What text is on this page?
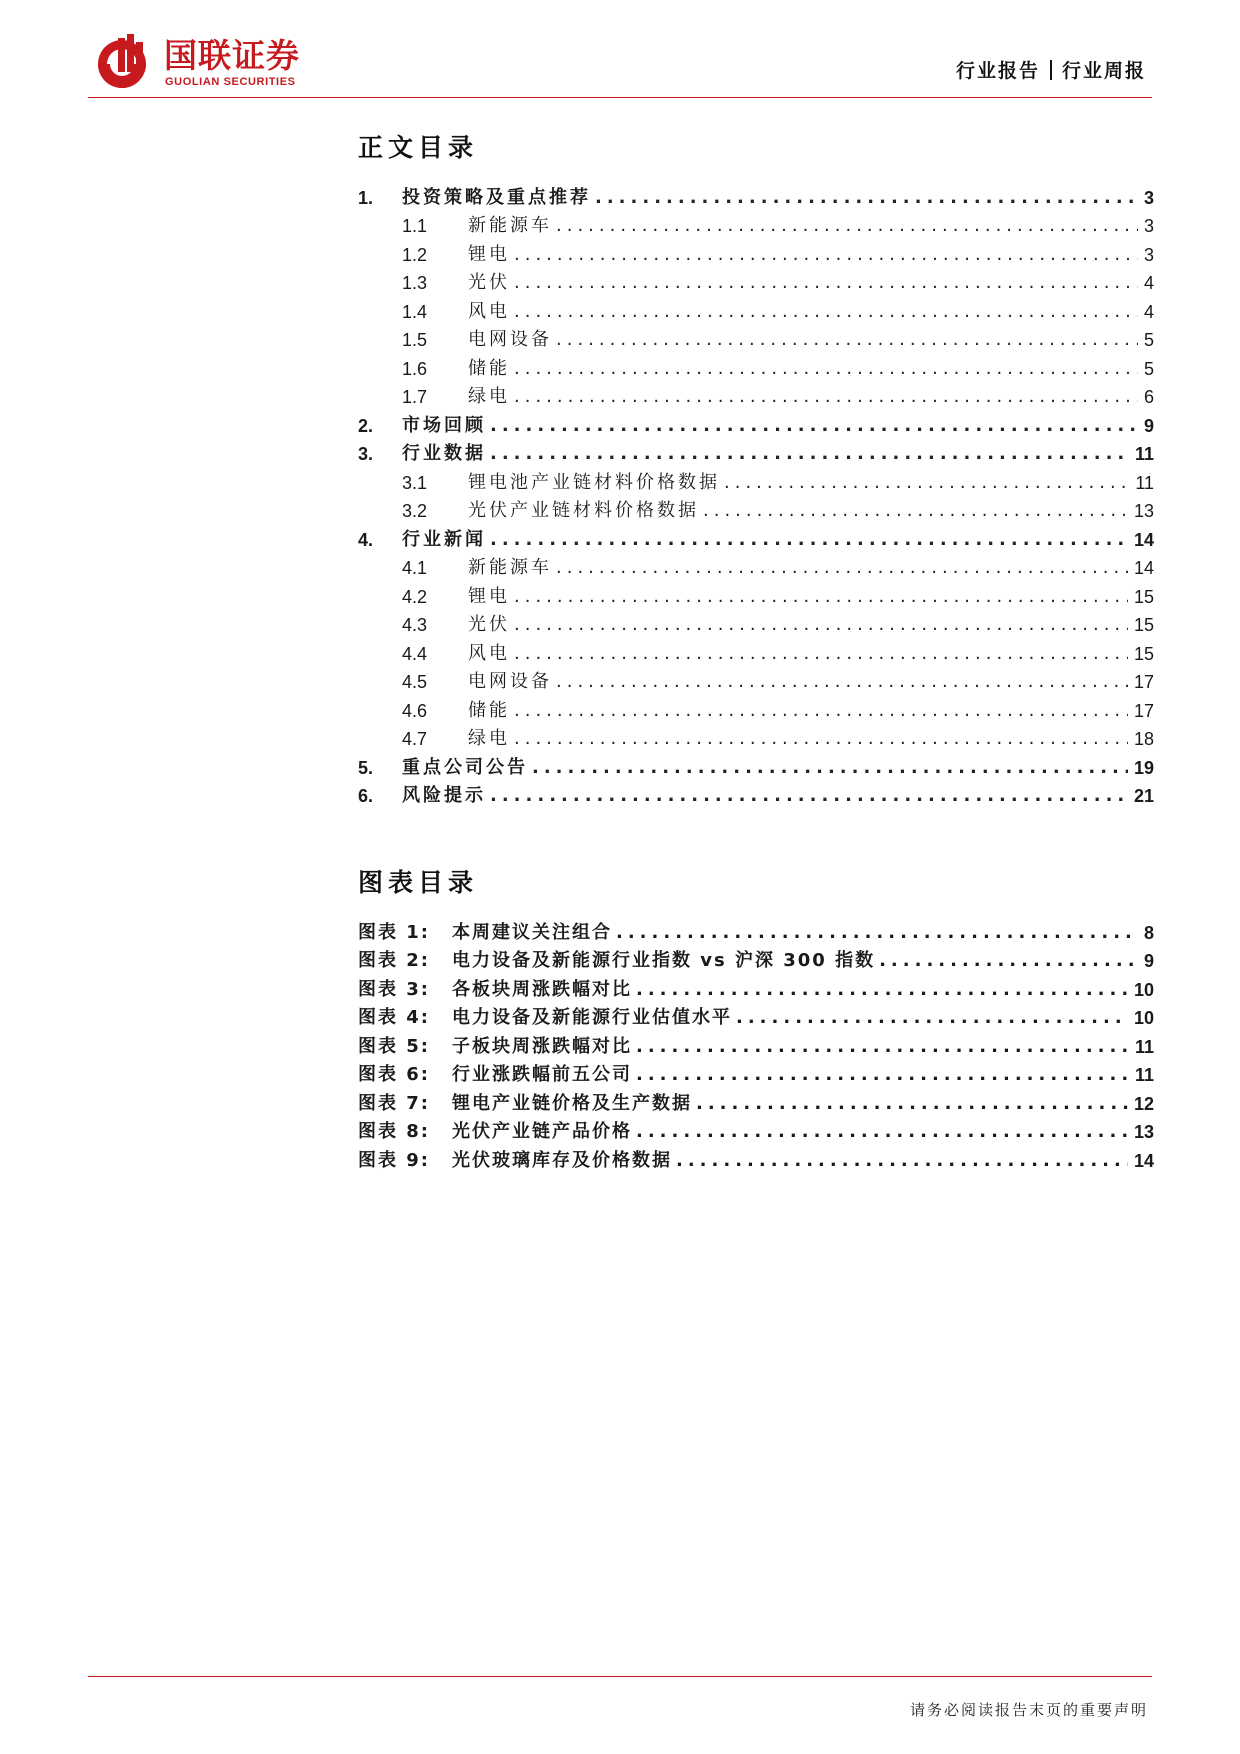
国联证券
GUOLIAN SECURITIES	行业报告 行业周报
正文目录
1.	投资策略及重点推荐 .....	3
1.1	新能源车 .....	3
1.2	锂电 .....	3
1.3	光伏 .....	4
1.4	风电 .....	4
1.5	电网设备 .....	5
1.6	储能 .....	5
1.7	绿电 .....	6
2.	市场回顾 .....	9
3.	行业数据 .....	11
3.1	锂电池产业链材料价格数据 .....	11
3.2	光伏产业链材料价格数据 .....	13
4.	行业新闻 .....	14
4.1	新能源车 .....	14
4.2	锂电 .....	15
4.3	光伏 .....	15
4.4	风电 .....	15
4.5	电网设备 .....	17
4.6	储能 .....	17
4.7	绿电 .....	18
5.	重点公司公告 .....	19
6.	风险提示 .....	21
图表目录
图表 1:	本周建议关注组合 .....	8
图表 2:	电力设备及新能源行业指数 vs 沪深 300 指数 .....	9
图表 3:	各板块周涨跌幅对比 .....	10
图表 4:	电力设备及新能源行业估值水平 .....	10
图表 5:	子板块周涨跌幅对比 .....	11
图表 6:	行业涨跌幅前五公司 .....	11
图表 7:	锂电产业链价格及生产数据 .....	12
图表 8:	光伏产业链产品价格 .....	13
图表 9:	光伏玻璃库存及价格数据 .....	14
请务必阅读报告末页的重要声明
